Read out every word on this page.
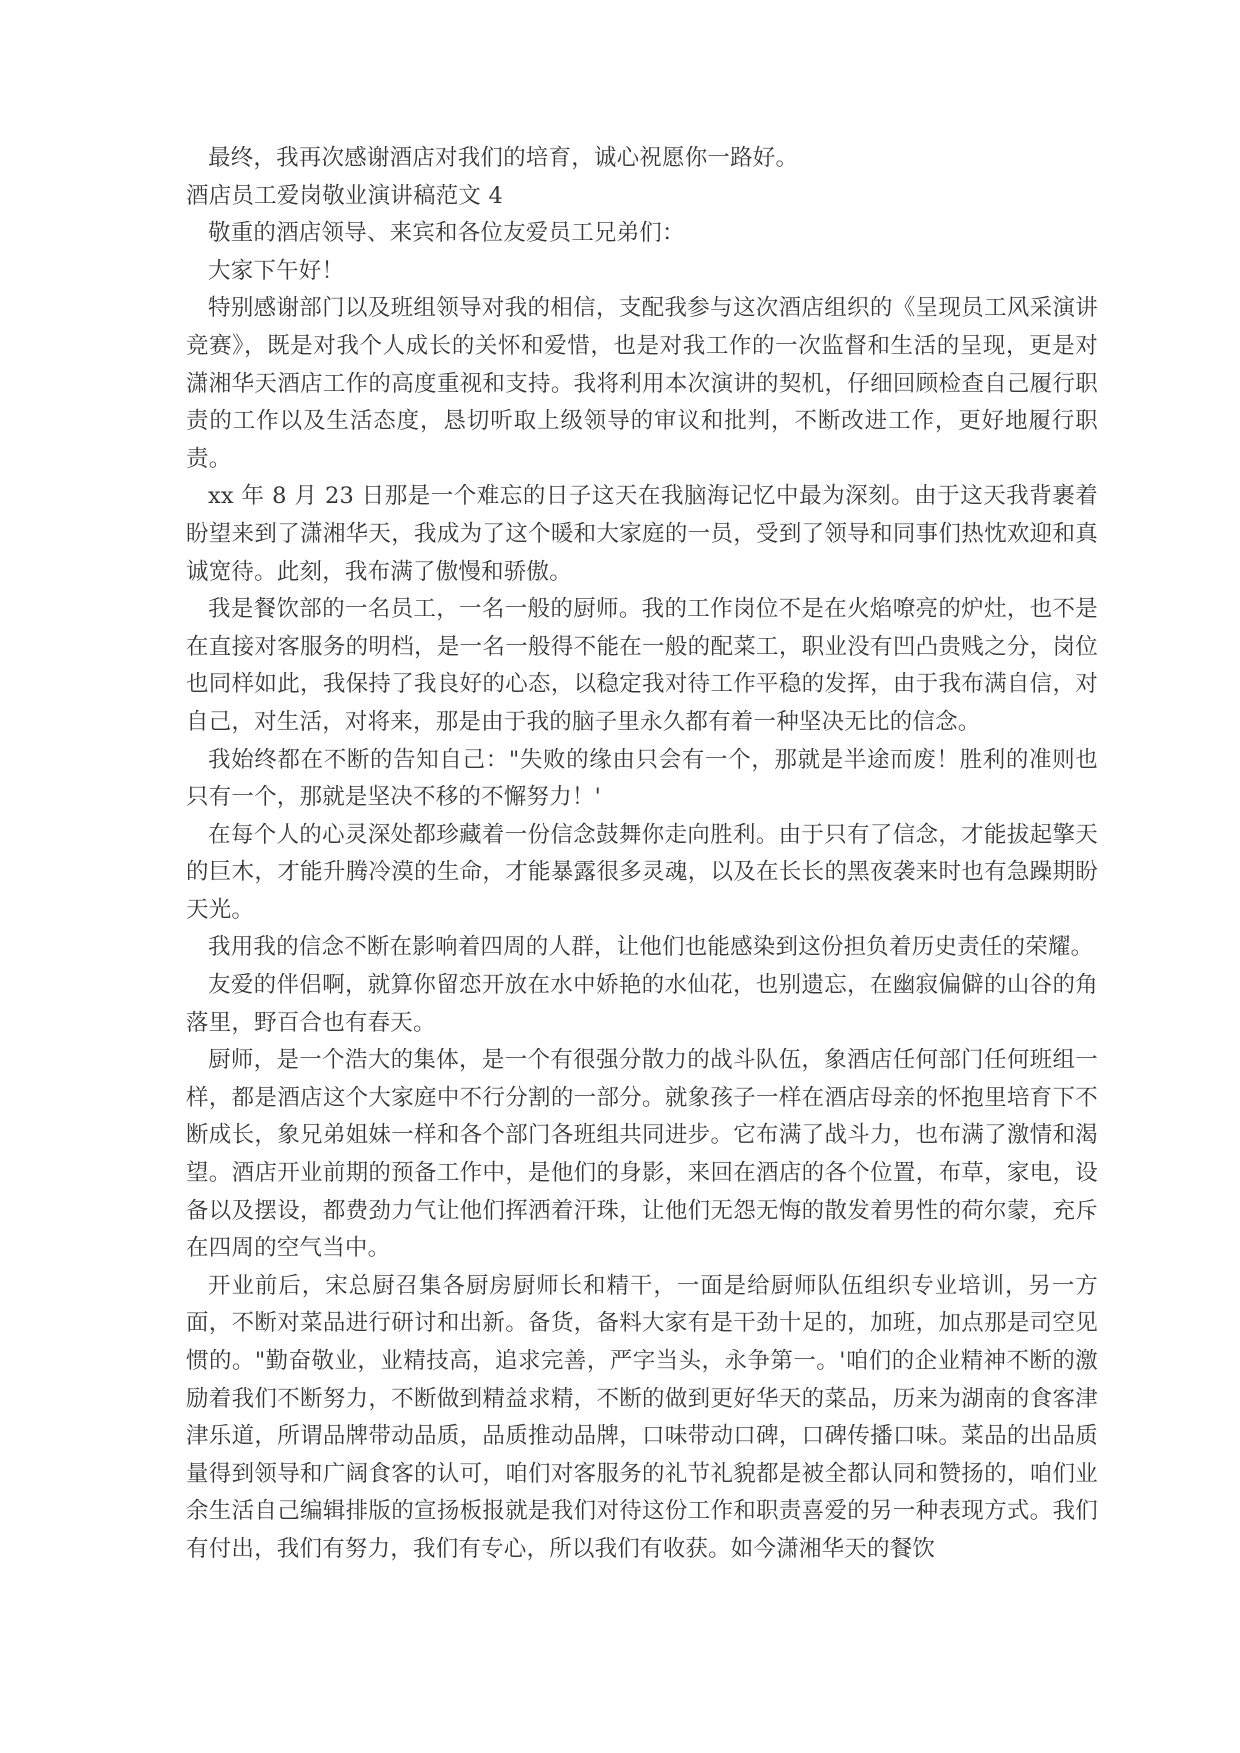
最终，我再次感谢酒店对我们的培育，诚心祝愿你一路好。

酒店员工爱岗敬业演讲稿范文 4

敬重的酒店领导、来宾和各位友爱员工兄弟们：

大家下午好！

特别感谢部门以及班组领导对我的相信，支配我参与这次酒店组织的《呈现员工风采演讲竞赛》，既是对我个人成长的关怀和爱惜，也是对我工作的一次监督和生活的呈现，更是对潇湘华天酒店工作的高度重视和支持。我将利用本次演讲的契机，仔细回顾检查自己履行职责的工作以及生活态度，恳切听取上级领导的审议和批判，不断改进工作，更好地履行职责。

xx 年 8 月 23 日那是一个难忘的日子这天在我脑海记忆中最为深刻。由于这天我背裹着盼望来到了潇湘华天，我成为了这个暖和大家庭的一员，受到了领导和同事们热忱欢迎和真诚宽待。此刻，我布满了傲慢和骄傲。

我是餐饮部的一名员工，一名一般的厨师。我的工作岗位不是在火焰嘹亮的炉灶，也不是在直接对客服务的明档，是一名一般得不能在一般的配菜工，职业没有凹凸贵贱之分，岗位也同样如此，我保持了我良好的心态，以稳定我对待工作平稳的发挥，由于我布满自信，对自己，对生活，对将来，那是由于我的脑子里永久都有着一种坚决无比的信念。

我始终都在不断的告知自己："失败的缘由只会有一个，那就是半途而废！胜利的准则也只有一个，那就是坚决不移的不懈努力！'

在每个人的心灵深处都珍藏着一份信念鼓舞你走向胜利。由于只有了信念，才能拔起擎天的巨木，才能升腾冷漠的生命，才能暴露很多灵魂，以及在长长的黑夜袭来时也有急躁期盼天光。

我用我的信念不断在影响着四周的人群，让他们也能感染到这份担负着历史责任的荣耀。

友爱的伴侣啊，就算你留恋开放在水中娇艳的水仙花，也别遗忘，在幽寂偏僻的山谷的角落里，野百合也有春天。

厨师，是一个浩大的集体，是一个有很强分散力的战斗队伍，象酒店任何部门任何班组一样，都是酒店这个大家庭中不行分割的一部分。就象孩子一样在酒店母亲的怀抱里培育下不断成长，象兄弟姐妹一样和各个部门各班组共同进步。它布满了战斗力，也布满了激情和渴望。酒店开业前期的预备工作中，是他们的身影，来回在酒店的各个位置，布草，家电，设备以及摆设，都费劲力气让他们挥洒着汗珠，让他们无怨无悔的散发着男性的荷尔蒙，充斥在四周的空气当中。

开业前后，宋总厨召集各厨房厨师长和精干，一面是给厨师队伍组织专业培训，另一方面，不断对菜品进行研讨和出新。备货，备料大家有是干劲十足的，加班，加点那是司空见惯的。"勤奋敬业，业精技高，追求完善，严字当头，永争第一。'咱们的企业精神不断的激励着我们不断努力，不断做到精益求精，不断的做到更好华天的菜品，历来为湖南的食客津津乐道，所谓品牌带动品质，品质推动品牌，口味带动口碑，口碑传播口味。菜品的出品质量得到领导和广阔食客的认可，咱们对客服务的礼节礼貌都是被全都认同和赞扬的，咱们业余生活自己编辑排版的宣扬板报就是我们对待这份工作和职责喜爱的另一种表现方式。我们有付出，我们有努力，我们有专心，所以我们有收获。如今潇湘华天的餐饮
